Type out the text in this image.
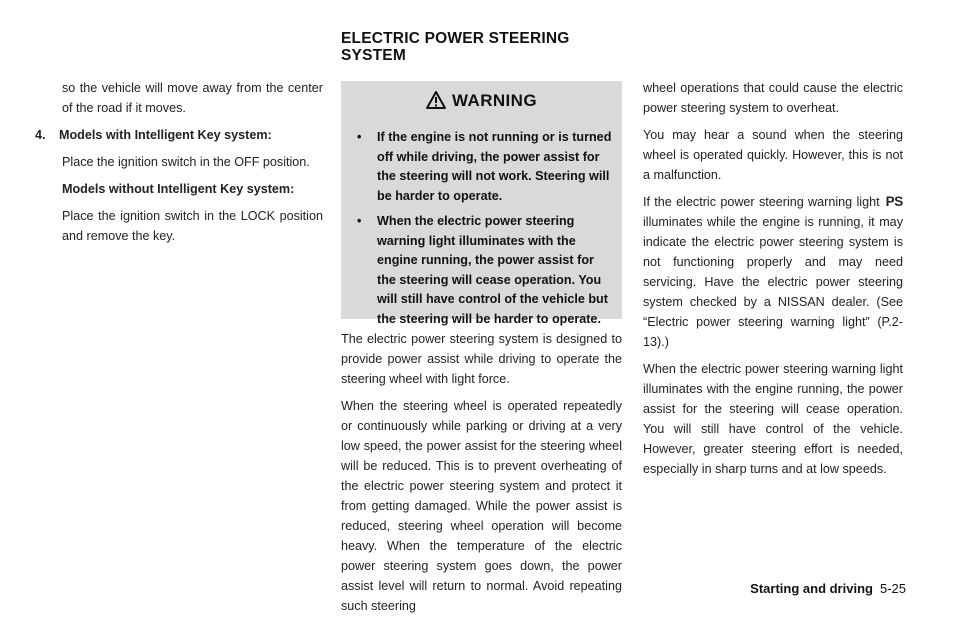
ELECTRIC POWER STEERING
SYSTEM

so the vehicle will move away from the center of the road if it moves.

4. Models with Intelligent Key system:

Place the ignition switch in the OFF position.

Models without Intelligent Key system:

Place the ignition switch in the LOCK position and remove the key.

WARNING
• If the engine is not running or is turned off while driving, the power assist for the steering will not work. Steering will be harder to operate.
• When the electric power steering warning light illuminates with the engine running, the power assist for the steering will cease operation. You will still have control of the vehicle but the steering will be harder to operate.

The electric power steering system is designed to provide power assist while driving to operate the steering wheel with light force.

When the steering wheel is operated repeatedly or continuously while parking or driving at a very low speed, the power assist for the steering wheel will be reduced. This is to prevent overheating of the electric power steering system and protect it from getting damaged. While the power assist is reduced, steering wheel operation will become heavy. When the temperature of the electric power steering system goes down, the power assist level will return to normal. Avoid repeating such steering

wheel operations that could cause the electric power steering system to overheat.

You may hear a sound when the steering wheel is operated quickly. However, this is not a malfunction.

If the electric power steering warning light PS illuminates while the engine is running, it may indicate the electric power steering system is not functioning properly and may need servicing. Have the electric power steering system checked by a NISSAN dealer. (See “Electric power steering warning light” (P.2-13).)

When the electric power steering warning light illuminates with the engine running, the power assist for the steering will cease operation. You will still have control of the vehicle. However, greater steering effort is needed, especially in sharp turns and at low speeds.

Starting and driving 5-25
